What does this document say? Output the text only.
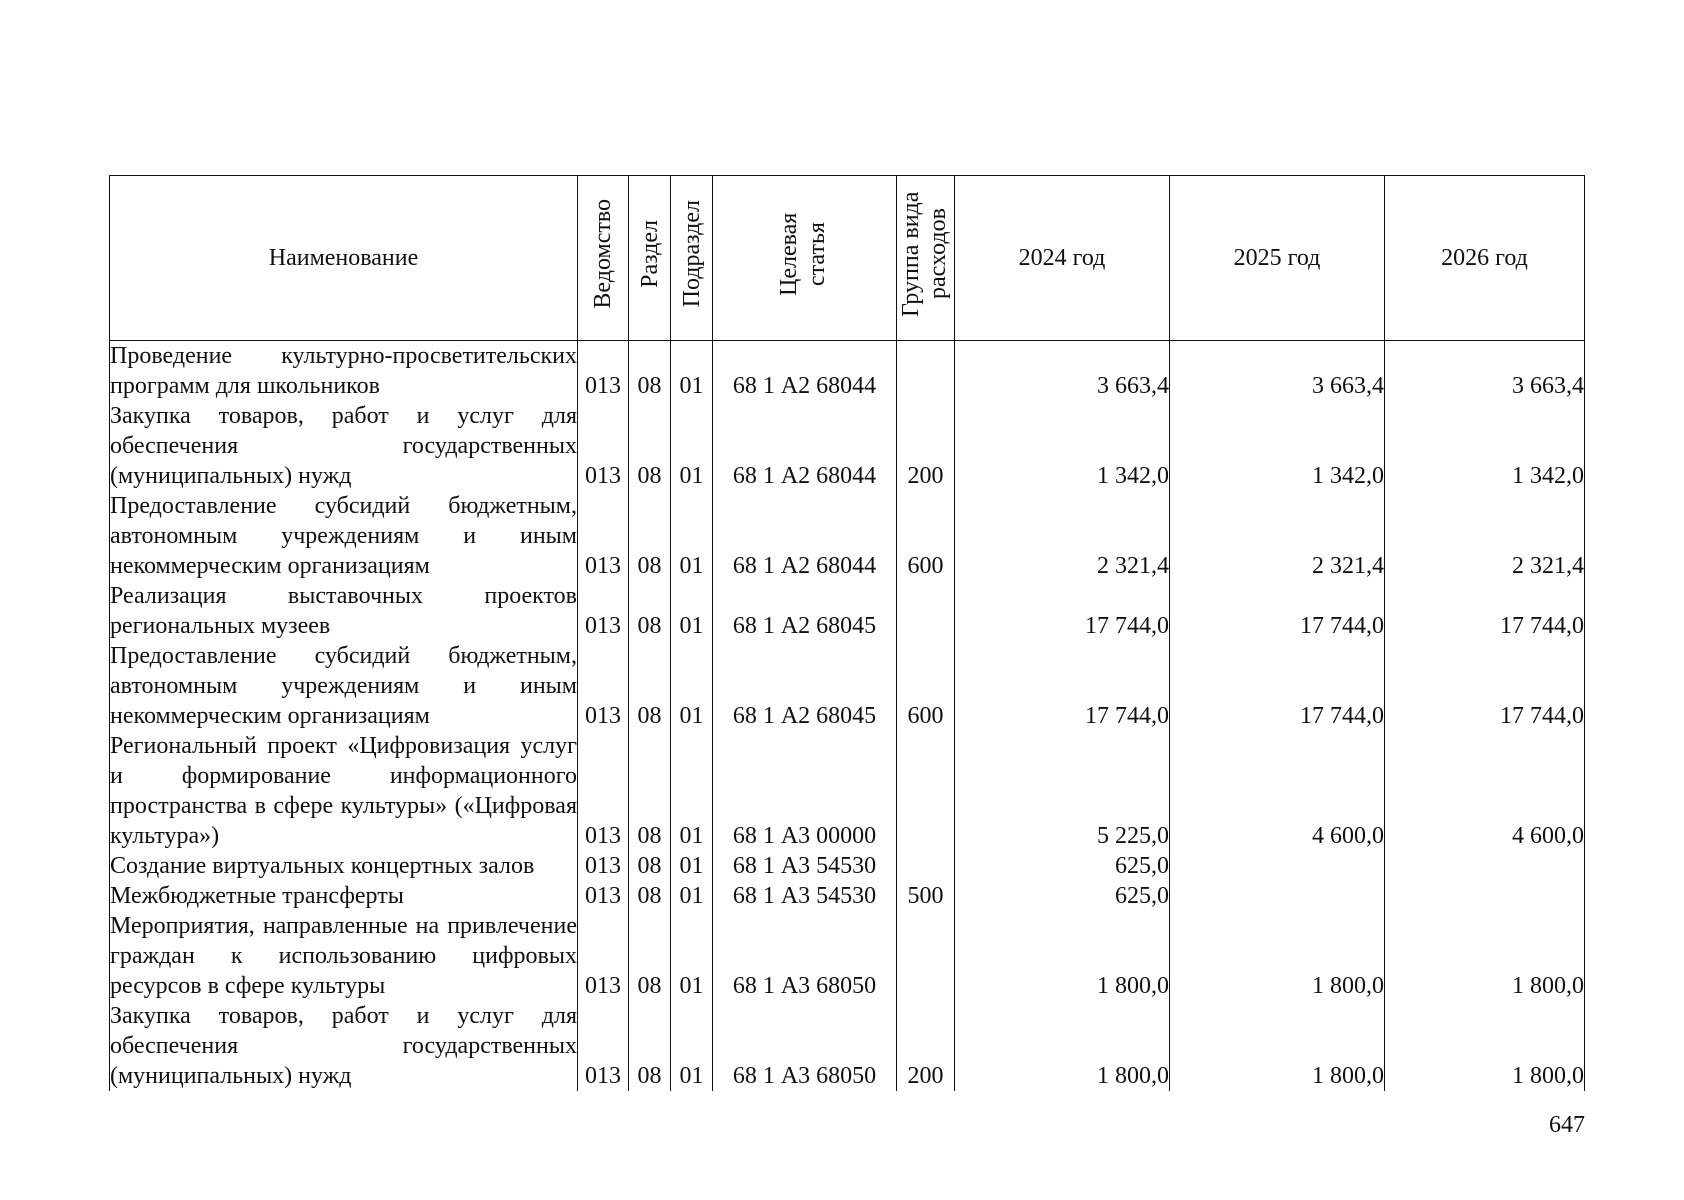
Наименование	Ведомство	Раздел	Подраздел	Целевая статья	Группа вида расходов	2024 год	2025 год	2026 год
Проведение культурно-просветительских программ для школьников	013	08	01	68 1 А2 68044		3 663,4	3 663,4	3 663,4
Закупка товаров, работ и услуг для обеспечения государственных (муниципальных) нужд	013	08	01	68 1 А2 68044	200	1 342,0	1 342,0	1 342,0
Предоставление субсидий бюджетным, автономным учреждениям и иным некоммерческим организациям	013	08	01	68 1 А2 68044	600	2 321,4	2 321,4	2 321,4
Реализация выставочных проектов региональных музеев	013	08	01	68 1 А2 68045		17 744,0	17 744,0	17 744,0
Предоставление субсидий бюджетным, автономным учреждениям и иным некоммерческим организациям	013	08	01	68 1 А2 68045	600	17 744,0	17 744,0	17 744,0
Региональный проект «Цифровизация услуг и формирование информационного пространства в сфере культуры» («Цифровая культура»)	013	08	01	68 1 А3 00000		5 225,0	4 600,0	4 600,0
Создание виртуальных концертных залов	013	08	01	68 1 А3 54530		625,0		
Межбюджетные трансферты	013	08	01	68 1 А3 54530	500	625,0		
Мероприятия, направленные на привлечение граждан к использованию цифровых ресурсов в сфере культуры	013	08	01	68 1 А3 68050		1 800,0	1 800,0	1 800,0
Закупка товаров, работ и услуг для обеспечения государственных (муниципальных) нужд	013	08	01	68 1 А3 68050	200	1 800,0	1 800,0	1 800,0
647
